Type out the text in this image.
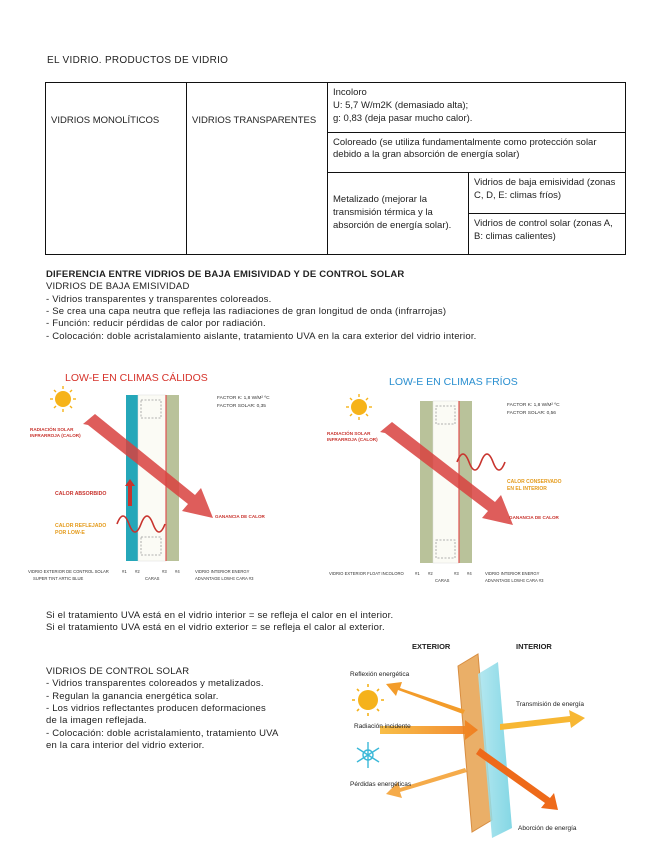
EL VIDRIO. PRODUCTOS DE VIDRIO
VIDRIOS MONOLÍTICOS	VIDRIOS TRANSPARENTES	Incoloro
U: 5,7 W/m2K (demasiado alta);
g: 0,83 (deja pasar mucho calor).	

		Coloreado (se utiliza fundamentalmente como protección solar debido a la gran absorción de energía solar)	
		Metalizado (mejorar la transmisión térmica y la absorción de energía solar).	Vidrios de baja emisividad (zonas C, D, E: climas fríos)
			Vidrios de control solar (zonas A, B: climas calientes)

DIFERENCIA ENTRE VIDRIOS DE BAJA EMISIVIDAD Y DE CONTROL SOLAR

VIDRIOS DE BAJA EMISIVIDAD

- Vidrios transparentes y transparentes coloreados.

- Se crea una capa neutra que refleja las radiaciones de gran longitud de onda (infrarrojas)

- Función: reducir pérdidas de calor por radiación.

- Colocación: doble acristalamiento aislante, tratamiento UVA en la cara exterior del vidrio interior.

LOW-E EN CLIMAS CÁLIDOS
RADIACIÓN SOLAR
INFRARROJA (CALOR)
CALOR ABSORBIDO
CALOR REFLEJADO
POR LOW-E
GANANCIA DE CALOR
FACTOR K: 1,8 W/M² ºC
FACTOR SOLAR: 0,35
VIDRIO EXTERIOR DE CONTROL SOLAR
SUPER TINT ARTIC BLUE
#1 #2	#3 #4
CARAS
VIDRIO INTERIOR ENERGY
ADVANTAGE LOW-E CARA #3
LOW-E EN CLIMAS FRÍOS
RADIACIÓN SOLAR
INFRARROJA (CALOR)
CALOR CONSERVADO
EN EL INTERIOR
GANANCIA DE CALOR
FACTOR K: 1,8 W/M² ºC
FACTOR SOLAR: 0,56
VIDRIO EXTERIOR FLOAT INCOLORO	#1 #2	#3 #4
CARAS
VIDRIO INTERIOR ENERGY
ADVANTAGE LOW-E CARA #3

Si el tratamiento UVA está en el vidrio interior = se refleja el calor en el interior.

Si el tratamiento UVA está en el vidrio exterior = se refleja el calor al exterior.

VIDRIOS DE CONTROL SOLAR

- Vidrios transparentes coloreados y metalizados.

- Regulan la ganancia energética solar.

- Los vidrios reflectantes producen deformaciones

de la imagen reflejada.

- Colocación: doble acristalamiento, tratamiento UVA

en la cara interior del vidrio exterior.

EXTERIOR	INTERIOR
Reflexión energética
Radiación incidente
Pérdidas energéticas
Transmisión de energía
Aborción de energía
